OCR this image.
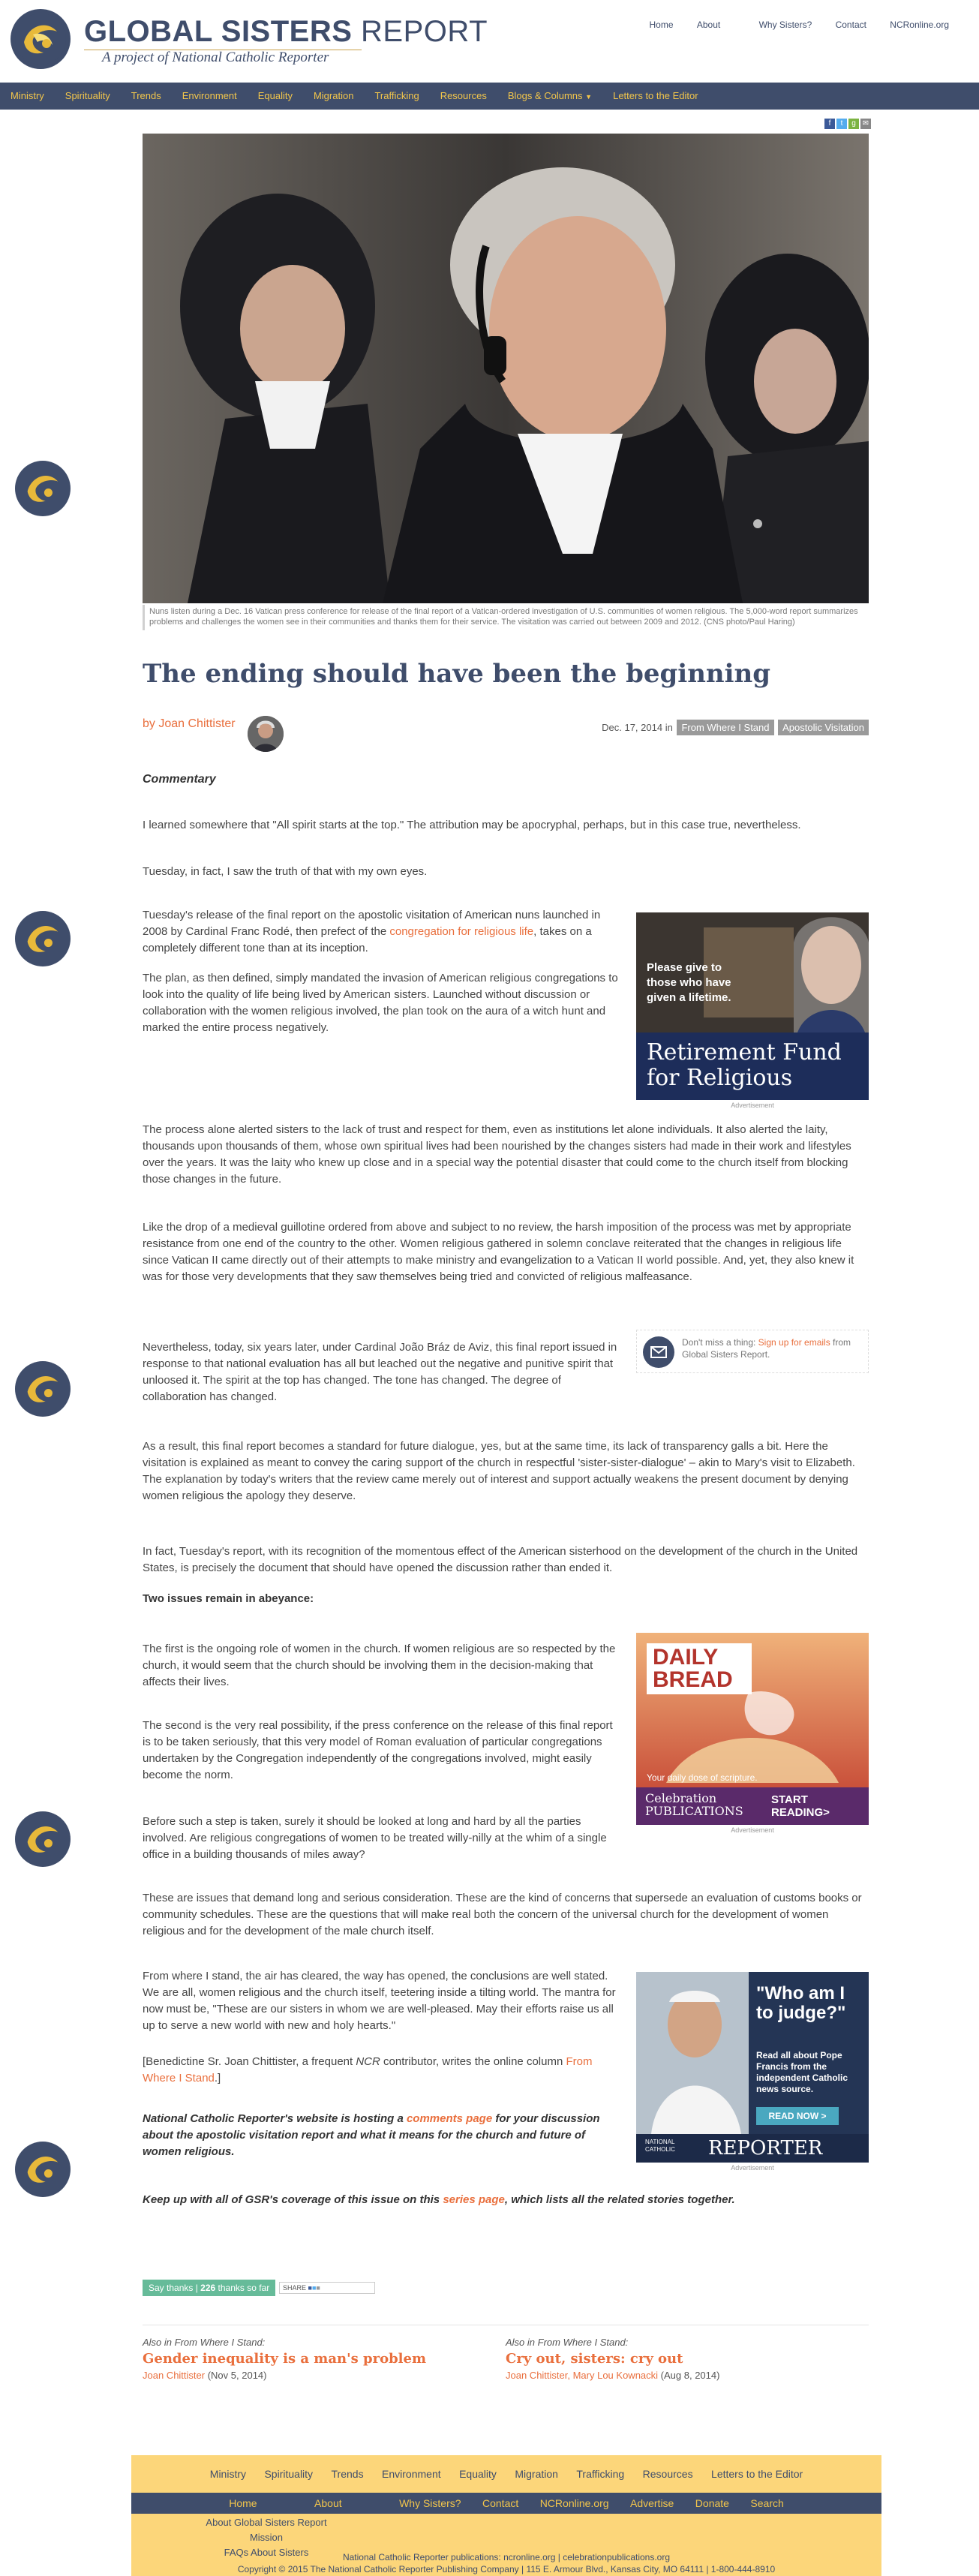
GLOBAL SISTERS REPORT
A project of National Catholic Reporter
Home	About	Why Sisters?	Contact	NCRonline.org
Ministry	Spirituality	Trends	Environment	Equality	Migration	Trafficking	Resources	Blogs & Columns ▼	Letters to the Editor
f t g ✉
Nuns listen during a Dec. 16 Vatican press conference for release of the final report of a Vatican-ordered investigation of U.S. communities of women religious. The 5,000-word report summarizes problems and challenges the women see in their communities and thanks them for their service. The visitation was carried out between 2009 and 2012. (CNS photo/Paul Haring)
The ending should have been the beginning
by Joan Chittister	Dec. 17, 2014 in From Where I Stand Apostolic Visitation
Commentary

I learned somewhere that "All spirit starts at the top." The attribution may be apocryphal, perhaps, but in this case true, nevertheless.

Tuesday, in fact, I saw the truth of that with my own eyes.

Tuesday's release of the final report on the apostolic visitation of American nuns launched in 2008 by Cardinal Franc Rodé, then prefect of the congregation for religious life, takes on a completely different tone than at its inception.

The plan, as then defined, simply mandated the invasion of American religious congregations to look into the quality of life being lived by American sisters. Launched without discussion or collaboration with the women religious involved, the plan took on the aura of a witch hunt and marked the entire process negatively.

Please give to those who have given a lifetime.
Retirement Fund for Religious
Advertisement

The process alone alerted sisters to the lack of trust and respect for them, even as institutions let alone individuals. It also alerted the laity, thousands upon thousands of them, whose own spiritual lives had been nourished by the changes sisters had made in their work and lifestyles over the years. It was the laity who knew up close and in a special way the potential disaster that could come to the church itself from blocking those changes in the future.

Like the drop of a medieval guillotine ordered from above and subject to no review, the harsh imposition of the process was met by appropriate resistance from one end of the country to the other. Women religious gathered in solemn conclave reiterated that the changes in religious life since Vatican II came directly out of their attempts to make ministry and evangelization to a Vatican II world possible. And, yet, they also knew it was for those very developments that they saw themselves being tried and convicted of religious malfeasance.

Don't miss a thing: Sign up for emails from Global Sisters Report.

Nevertheless, today, six years later, under Cardinal João Bráz de Aviz, this final report issued in response to that national evaluation has all but leached out the negative and punitive spirit that unloosed it. The spirit at the top has changed. The tone has changed. The degree of collaboration has changed.

As a result, this final report becomes a standard for future dialogue, yes, but at the same time, its lack of transparency galls a bit. Here the visitation is explained as meant to convey the caring support of the church in respectful 'sister-sister-dialogue' – akin to Mary's visit to Elizabeth. The explanation by today's writers that the review came merely out of interest and support actually weakens the present document by denying women religious the apology they deserve.

In fact, Tuesday's report, with its recognition of the momentous effect of the American sisterhood on the development of the church in the United States, is precisely the document that should have opened the discussion rather than ended it.

Two issues remain in abeyance:

The first is the ongoing role of women in the church. If women religious are so respected by the church, it would seem that the church should be involving them in the decision-making that affects their lives.

The second is the very real possibility, if the press conference on the release of this final report is to be taken seriously, that this very model of Roman evaluation of particular congregations undertaken by the Congregation independently of the congregations involved, might easily become the norm.

Before such a step is taken, surely it should be looked at long and hard by all the parties involved. Are religious congregations of women to be treated willy-nilly at the whim of a single office in a building thousands of miles away?

DAILY BREAD
Your daily dose of scripture.
Celebration PUBLICATIONS
START READING>
Advertisement

These are issues that demand long and serious consideration. These are the kind of concerns that supersede an evaluation of customs books or community schedules. These are the questions that will make real both the concern of the universal church for the development of women religious and for the development of the male church itself.

From where I stand, the air has cleared, the way has opened, the conclusions are well stated. We are all, women religious and the church itself, teetering inside a tilting world. The mantra for now must be, "These are our sisters in whom we are well-pleased. May their efforts raise us all up to serve a new world with new and holy hearts."

[Benedictine Sr. Joan Chittister, a frequent NCR contributor, writes the online column From Where I Stand.]

"Who am I to judge?"
Read all about Pope Francis from the independent Catholic news source.
READ NOW >
NATIONAL CATHOLIC	REPORTER
Advertisement

National Catholic Reporter's website is hosting a comments page for your discussion about the apostolic visitation report and what it means for the church and future of women religious.

Keep up with all of GSR's coverage of this issue on this series page, which lists all the related stories together.

Say thanks | 226 thanks so far	SHARE ■■■
Also in From Where I Stand:
Gender inequality is a man's problem
Joan Chittister (Nov 5, 2014)
Also in From Where I Stand:
Cry out, sisters: cry out
Joan Chittister, Mary Lou Kownacki (Aug 8, 2014)
Ministry Spirituality Trends Environment Equality Migration Trafficking Resources Letters to the Editor
Home	About	Why Sisters? Contact NCRonline.org Advertise Donate Search
About Global Sisters Report
Mission
FAQs About Sisters	National Catholic Reporter publications: ncronline.org | celebrationpublications.org
Copyright © 2015 The National Catholic Reporter Publishing Company | 115 E. Armour Blvd., Kansas City, MO 64111 | 1-800-444-8910
